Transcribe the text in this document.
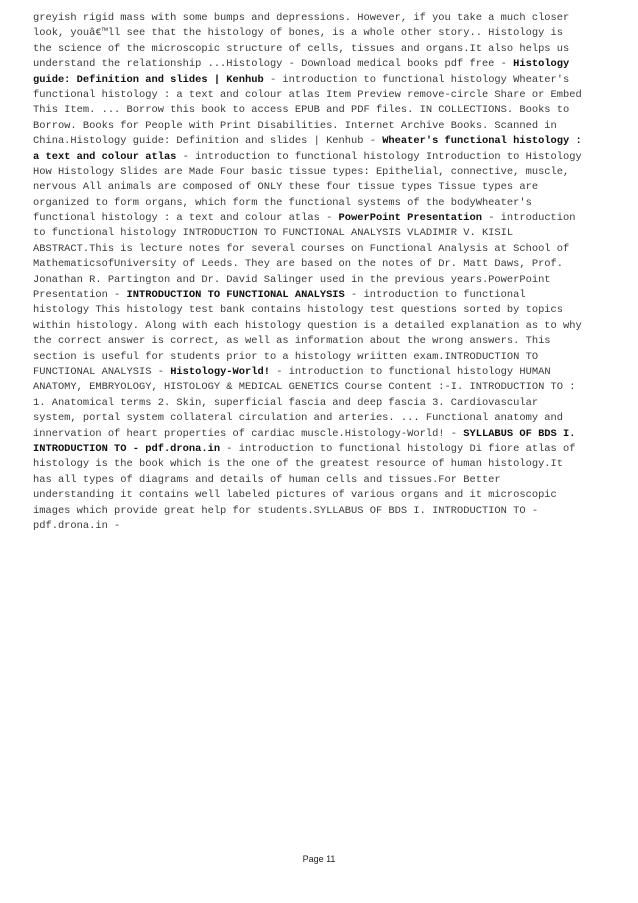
greyish rigid mass with some bumps and depressions. However, if you take a much closer
look, youâ€™ll see that the histology of bones, is a whole other story.. Histology is
the science of the microscopic structure of cells, tissues and organs.It also helps us
understand the relationship ...Histology - Download medical books pdf free - Histology
guide: Definition and slides | Kenhub - introduction to functional histology Wheater's
functional histology : a text and colour atlas Item Preview remove-circle Share or Embed
This Item. ... Borrow this book to access EPUB and PDF files. IN COLLECTIONS. Books to
Borrow. Books for People with Print Disabilities. Internet Archive Books. Scanned in
China.Histology guide: Definition and slides | Kenhub - Wheater's functional histology :
a text and colour atlas - introduction to functional histology Introduction to Histology
How Histology Slides are Made Four basic tissue types: Epithelial, connective, muscle,
nervous All animals are composed of ONLY these four tissue types Tissue types are
organized to form organs, which form the functional systems of the bodyWheater's
functional histology : a text and colour atlas - PowerPoint Presentation - introduction
to functional histology INTRODUCTION TO FUNCTIONAL ANALYSIS VLADIMIR V. KISIL
ABSTRACT.This is lecture notes for several courses on Functional Analysis at School of
MathematicsofUniversity of Leeds. They are based on the notes of Dr. Matt Daws, Prof.
Jonathan R. Partington and Dr. David Salinger used in the previous years.PowerPoint
Presentation - INTRODUCTION TO FUNCTIONAL ANALYSIS - introduction to functional
histology This histology test bank contains histology test questions sorted by topics
within histology. Along with each histology question is a detailed explanation as to why
the correct answer is correct, as well as information about the wrong answers. This
section is useful for students prior to a histology wriitten exam.INTRODUCTION TO
FUNCTIONAL ANALYSIS - Histology-World! - introduction to functional histology HUMAN
ANATOMY, EMBRYOLOGY, HISTOLOGY & MEDICAL GENETICS Course Content :-I. INTRODUCTION TO :
1. Anatomical terms 2. Skin, superficial fascia and deep fascia 3. Cardiovascular
system, portal system collateral circulation and arteries. ... Functional anatomy and
innervation of heart properties of cardiac muscle.Histology-World! - SYLLABUS OF BDS I.
INTRODUCTION TO - pdf.drona.in - introduction to functional histology Di fiore atlas of
histology is the book which is the one of the greatest resource of human histology.It
has all types of diagrams and details of human cells and tissues.For Better
understanding it contains well labeled pictures of various organs and it microscopic
images which provide great help for students.SYLLABUS OF BDS I. INTRODUCTION TO -
pdf.drona.in -
Page 11
